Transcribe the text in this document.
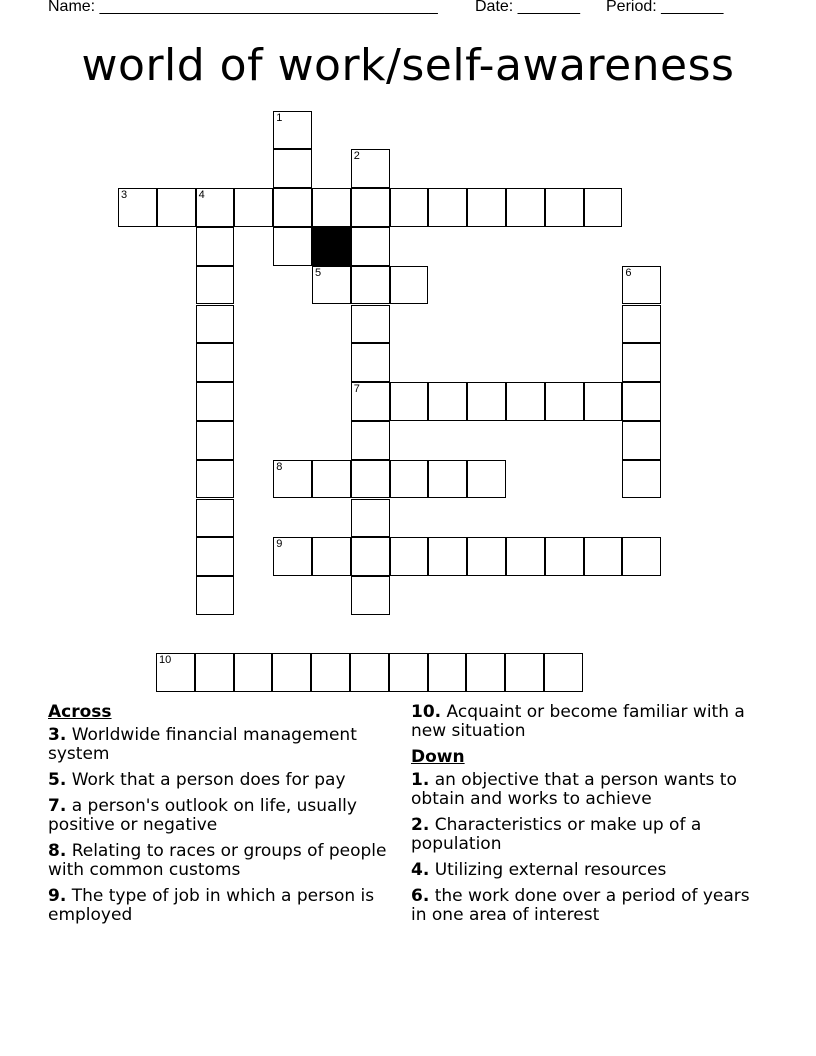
Name: ______________________________________ Date: _______ Period: _______
world of work/self-awareness
3	4
5
7
8
9
1
2
6
10
Across
3. Worldwide financial management system
5. Work that a person does for pay
7. a person's outlook on life, usually positive or negative
8. Relating to races or groups of people with common customs
9. The type of job in which a person is employed
10. Acquaint or become familiar with a new situation
Down
1. an objective that a person wants to obtain and works to achieve
2. Characteristics or make up of a population
4. Utilizing external resources
6. the work done over a period of years in one area of interest
